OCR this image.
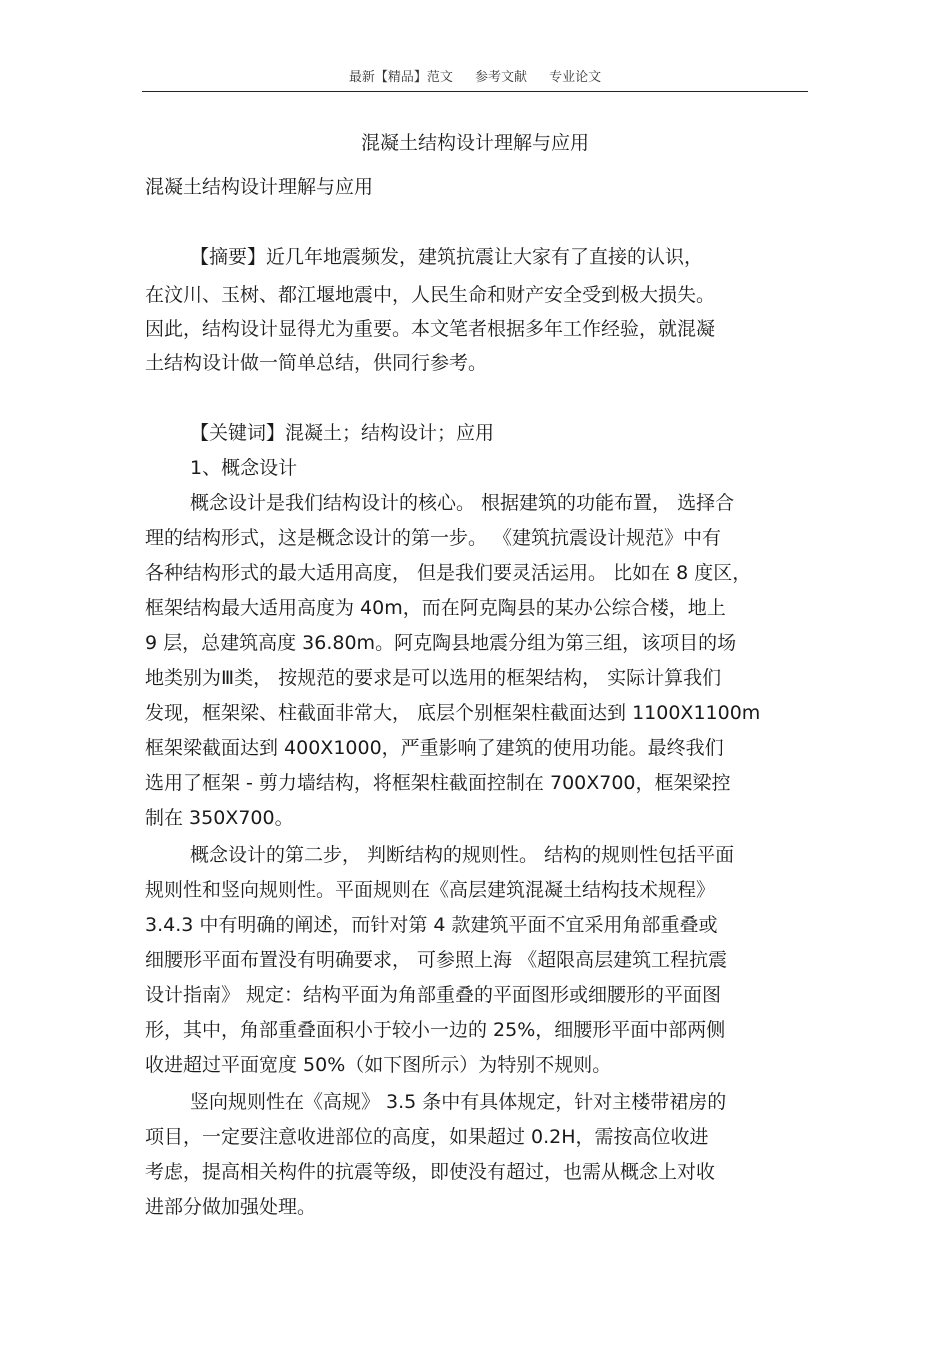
最新【精品】范文 参考文献 专业论文
混凝土结构设计理解与应用
混凝土结构设计理解与应用
【摘要】近几年地震频发，建筑抗震让大家有了直接的认识，
在汶川、玉树、都江堰地震中，人民生命和财产安全受到极大损失。
因此，结构设计显得尤为重要。本文笔者根据多年工作经验，就混凝
土结构设计做一简单总结，供同行参考。
【关键词】混凝土；结构设计；应用
1、概念设计
概念设计是我们结构设计的核心。 根据建筑的功能布置， 选择合
理的结构形式，这是概念设计的第一步。 《建筑抗震设计规范》中有
各种结构形式的最大适用高度， 但是我们要灵活运用。 比如在 8 度区，
框架结构最大适用高度为 40m，而在阿克陶县的某办公综合楼，地上
9 层，总建筑高度 36.80m。阿克陶县地震分组为第三组，该项目的场
地类别为Ⅲ类， 按规范的要求是可以选用的框架结构， 实际计算我们
发现，框架梁、柱截面非常大， 底层个别框架柱截面达到 1100X1100m
框架梁截面达到 400X1000，严重影响了建筑的使用功能。最终我们
选用了框架 - 剪力墙结构，将框架柱截面控制在 700X700，框架梁控
制在 350X700。
概念设计的第二步， 判断结构的规则性。 结构的规则性包括平面
规则性和竖向规则性。平面规则在《高层建筑混凝土结构技术规程》
3.4.3 中有明确的阐述，而针对第 4 款建筑平面不宜采用角部重叠或
细腰形平面布置没有明确要求， 可参照上海 《超限高层建筑工程抗震
设计指南》 规定：结构平面为角部重叠的平面图形或细腰形的平面图
形，其中，角部重叠面积小于较小一边的 25%，细腰形平面中部两侧
收进超过平面宽度 50%（如下图所示）为特别不规则。
竖向规则性在《高规》 3.5 条中有具体规定，针对主楼带裙房的
项目，一定要注意收进部位的高度，如果超过 0.2H，需按高位收进
考虑，提高相关构件的抗震等级，即使没有超过，也需从概念上对收
进部分做加强处理。
